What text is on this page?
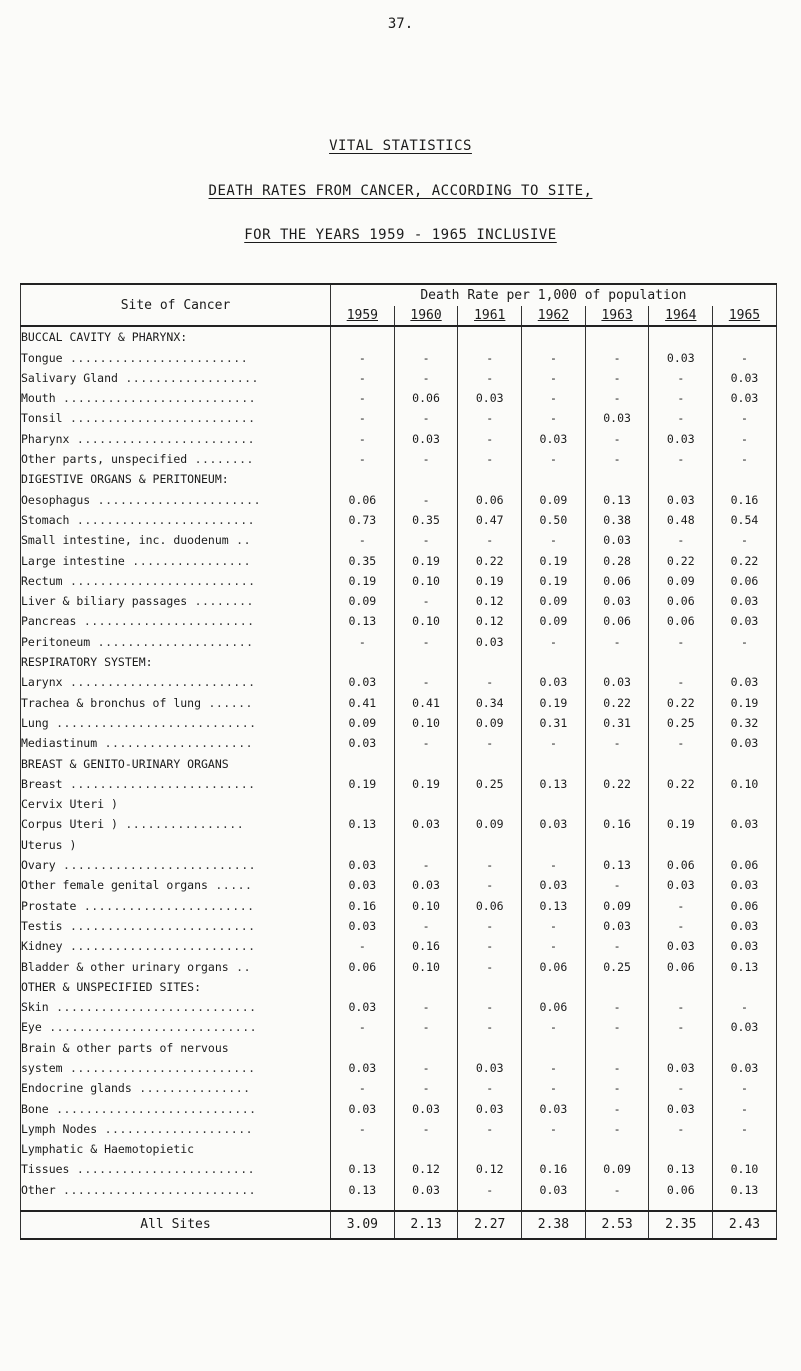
37.
VITAL STATISTICS
DEATH RATES FROM CANCER, ACCORDING TO SITE,
FOR THE YEARS 1959 - 1965 INCLUSIVE
Site of Cancer	Death Rate per 1,000 of population						
	1959	1960	1961	1962	1963	1964	1965
BUCCAL CAVITY & PHARYNX:							
Tongue ........................	-	-	-	-	-	0.03	-
Salivary Gland ..................	-	-	-	-	-	-	0.03
Mouth ..........................	-	0.06	0.03	-	-	-	0.03
Tonsil .........................	-	-	-	-	0.03	-	-
Pharynx ........................	-	0.03	-	0.03	-	0.03	-
Other parts, unspecified ........	-	-	-	-	-	-	-
DIGESTIVE ORGANS & PERITONEUM:							
Oesophagus ......................	0.06	-	0.06	0.09	0.13	0.03	0.16
Stomach ........................	0.73	0.35	0.47	0.50	0.38	0.48	0.54
Small intestine, inc. duodenum ..	-	-	-	-	0.03	-	-
Large intestine ................	0.35	0.19	0.22	0.19	0.28	0.22	0.22
Rectum .........................	0.19	0.10	0.19	0.19	0.06	0.09	0.06
Liver & biliary passages ........	0.09	-	0.12	0.09	0.03	0.06	0.03
Pancreas .......................	0.13	0.10	0.12	0.09	0.06	0.06	0.03
Peritoneum .....................	-	-	0.03	-	-	-	-
RESPIRATORY SYSTEM:							
Larynx .........................	0.03	-	-	0.03	0.03	-	0.03
Trachea & bronchus of lung ......	0.41	0.41	0.34	0.19	0.22	0.22	0.19
Lung ...........................	0.09	0.10	0.09	0.31	0.31	0.25	0.32
Mediastinum ....................	0.03	-	-	-	-	-	0.03
BREAST & GENITO-URINARY ORGANS							
Breast .........................	0.19	0.19	0.25	0.13	0.22	0.22	0.10
Cervix Uteri )							
Corpus Uteri ) ................	0.13	0.03	0.09	0.03	0.16	0.19	0.03
Uterus )							
Ovary ..........................	0.03	-	-	-	0.13	0.06	0.06
Other female genital organs .....	0.03	0.03	-	0.03	-	0.03	0.03
Prostate .......................	0.16	0.10	0.06	0.13	0.09	-	0.06
Testis .........................	0.03	-	-	-	0.03	-	0.03
Kidney .........................	-	0.16	-	-	-	0.03	0.03
Bladder & other urinary organs ..	0.06	0.10	-	0.06	0.25	0.06	0.13
OTHER & UNSPECIFIED SITES:							
Skin ...........................	0.03	-	-	0.06	-	-	-
Eye ............................	-	-	-	-	-	-	0.03
Brain & other parts of nervous							
system .........................	0.03	-	0.03	-	-	0.03	0.03
Endocrine glands ...............	-	-	-	-	-	-	-
Bone ...........................	0.03	0.03	0.03	0.03	-	0.03	-
Lymph Nodes ....................	-	-	-	-	-	-	-
Lymphatic & Haemotopietic							
Tissues ........................	0.13	0.12	0.12	0.16	0.09	0.13	0.10
Other ..........................	0.13	0.03	-	0.03	-	0.06	0.13

All Sites	3.09	2.13	2.27	2.38	2.53	2.35	2.43
